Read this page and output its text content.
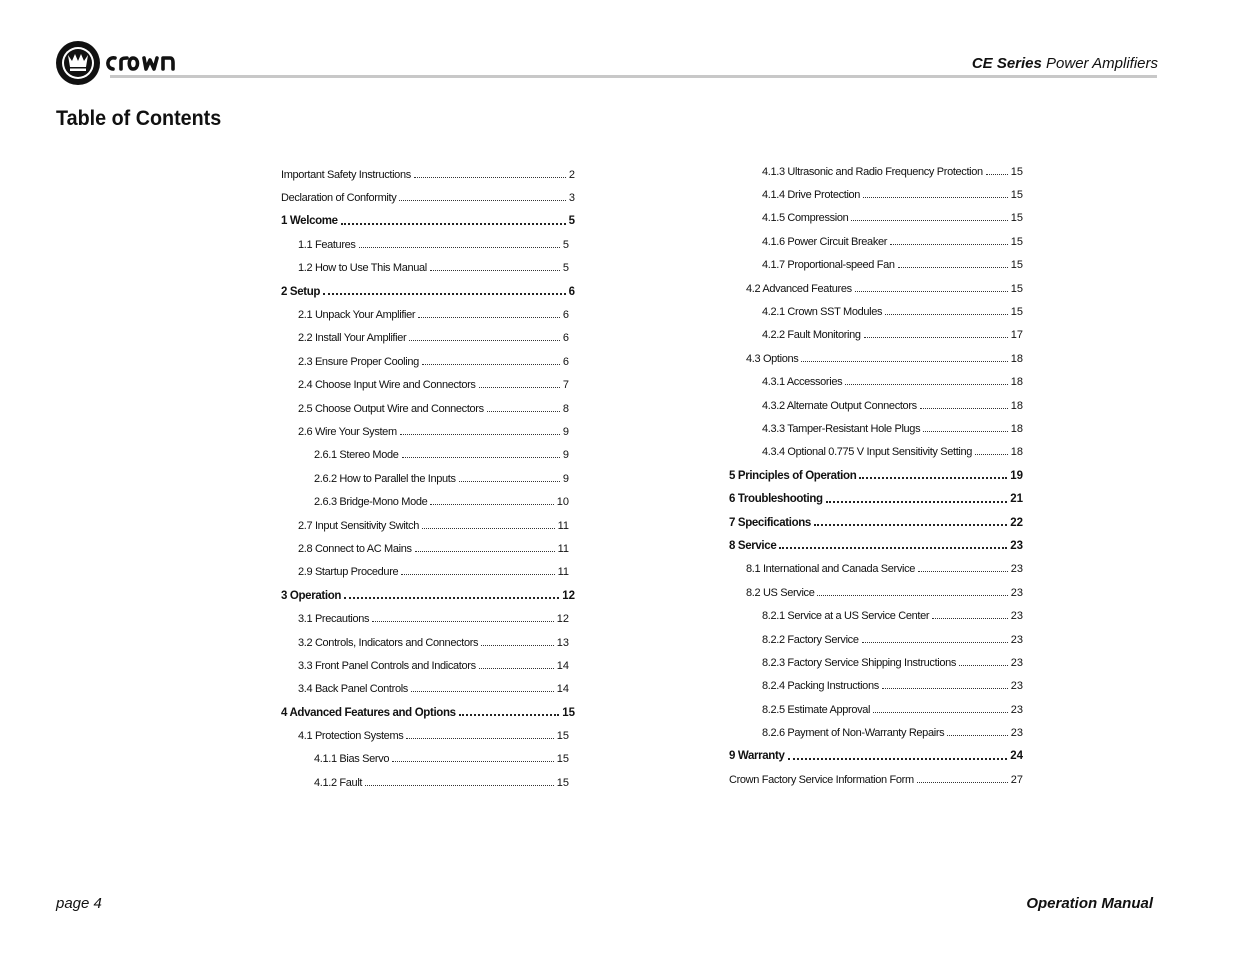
CE Series Power Amplifiers
Table of Contents
Important Safety Instructions	2
Declaration of Conformity	3
1 Welcome	5
1.1 Features	5
1.2 How to Use This Manual	5
2 Setup	6
2.1 Unpack Your Amplifier	6
2.2 Install Your Amplifier	6
2.3 Ensure Proper Cooling	6
2.4 Choose Input Wire and Connectors	7
2.5 Choose Output Wire and Connectors	8
2.6 Wire Your System	9
2.6.1 Stereo Mode	9
2.6.2 How to Parallel the Inputs	9
2.6.3 Bridge-Mono Mode	10
2.7 Input Sensitivity Switch	11
2.8 Connect to AC Mains	11
2.9 Startup Procedure	11
3 Operation	12
3.1 Precautions	12
3.2 Controls, Indicators and Connectors	13
3.3 Front Panel Controls and Indicators	14
3.4 Back Panel Controls	14
4 Advanced Features and Options	15
4.1 Protection Systems	15
4.1.1 Bias Servo	15
4.1.2 Fault	15
4.1.3 Ultrasonic and Radio Frequency Protection	15
4.1.4 Drive Protection	15
4.1.5 Compression	15
4.1.6 Power Circuit Breaker	15
4.1.7 Proportional-speed Fan	15
4.2 Advanced Features	15
4.2.1 Crown SST Modules	15
4.2.2 Fault Monitoring	17
4.3 Options	18
4.3.1 Accessories	18
4.3.2 Alternate Output Connectors	18
4.3.3 Tamper-Resistant Hole Plugs	18
4.3.4 Optional 0.775 V Input Sensitivity Setting	18
5 Principles of Operation	19
6 Troubleshooting	21
7 Specifications	22
8 Service	23
8.1 International and Canada Service	23
8.2 US Service	23
8.2.1 Service at a US Service Center	23
8.2.2 Factory Service	23
8.2.3 Factory Service Shipping Instructions	23
8.2.4 Packing Instructions	23
8.2.5 Estimate Approval	23
8.2.6 Payment of Non-Warranty Repairs	23
9 Warranty	24
Crown Factory Service Information Form	27
page 4	Operation Manual
